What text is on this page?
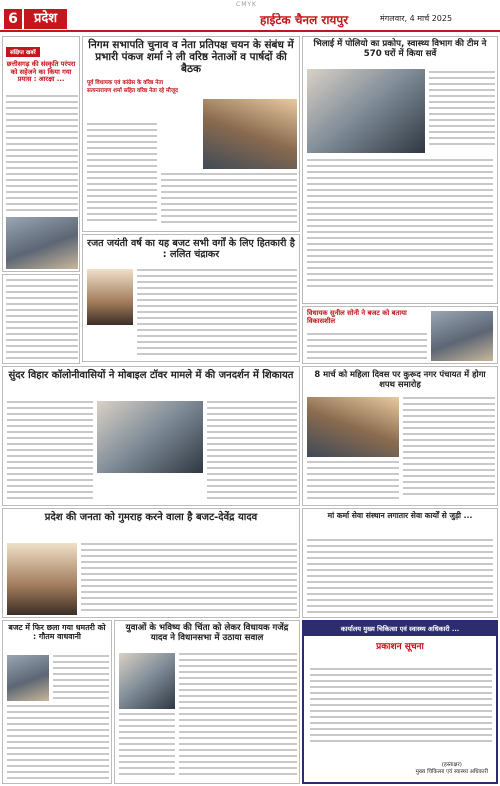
CMYK
6	प्रदेश	हाईटेक चैनल रायपुर	मंगलवार, 4 मार्च 2025
संक्षिप्त खबरें
छत्तीसगढ़ की संस्कृति परंपरा को सहेजने का किया गया प्रयास : आरक्षा ...
निगम सभापति चुनाव व नेता प्रतिपक्ष चयन के संबंध में प्रभारी पंकज शर्मा ने ली वरिष्ठ नेताओं व पार्षदों की बैठक
पूर्व विधायक एवं कांग्रेस के वरिष्ठ नेता सत्यनारायण शर्मा सहित वरिष्ठ नेता रहे मौजूद
भिलाई में पोलियो का प्रकोप, स्वास्थ्य विभाग की टीम ने 570 घरों में किया सर्वे
रजत जयंती वर्ष का यह बजट सभी वर्गों के लिए हितकारी है : ललित चंद्राकर
विधायक सुनील सोनी ने बजट को बताया विकासशील
सुंदर विहार कॉलोनीवासियों ने मोबाइल टॉवर मामले में की जनदर्शन में शिकायत	8 मार्च को महिला दिवस पर कुरूद नगर पंचायत में होगा शपथ समारोह
प्रदेश की जनता को गुमराह करने वाला है बजट-देवेंद्र यादव	मां कर्मा सेवा संस्थान लगातार सेवा कार्यों से जुड़ी ...
बजट में फिर छला गया धमतरी को : गौतम वाधवानी
युवाओं के भविष्य की चिंता को लेकर विधायक गजेंद्र यादव ने विधानसभा में उठाया सवाल
कार्यालय मुख्य चिकित्सा एवं स्वास्थ्य अधिकारी ...
प्रकाशन सूचना
(हस्ताक्षर)
मुख्य चिकित्सा एवं स्वास्थ्य अधिकारी
